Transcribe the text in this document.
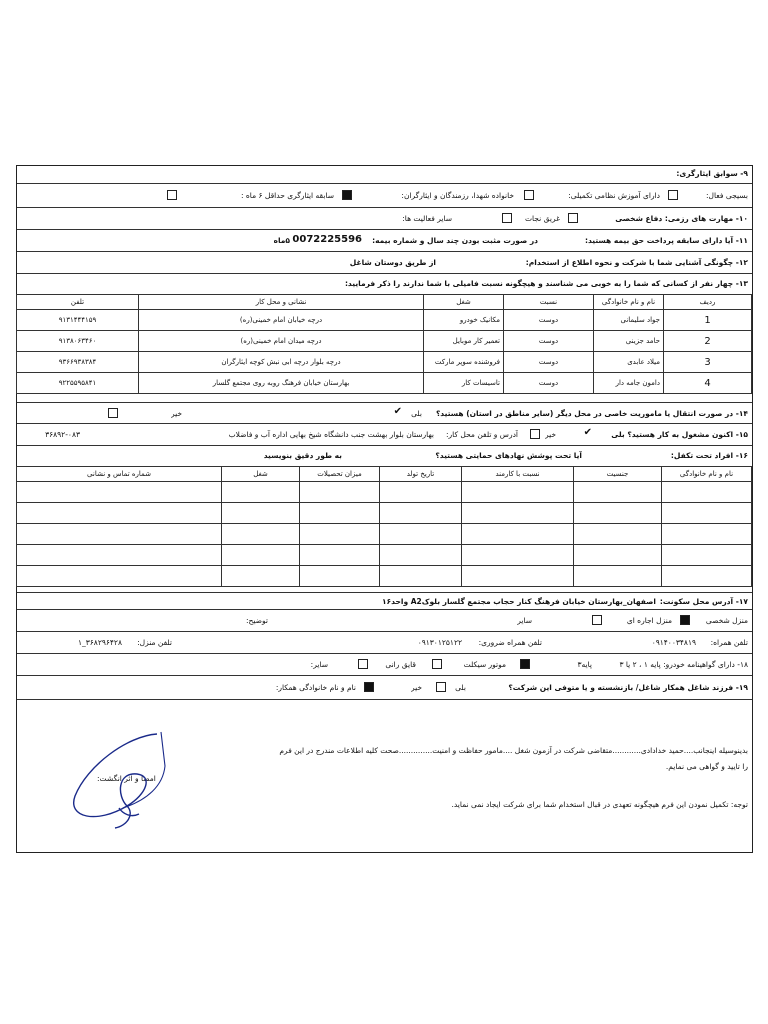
۹- سوابق ایثارگری:
بسیجی فعال:
دارای آموزش نظامی تکمیلی:
خانواده شهدا، رزمندگان و ایثارگران:
سابقه ایثارگری حداقل ۶ ماه :
۱۰- مهارت های رزمی: دفاع شخصی
غریق نجات
سایر فعالیت ها:
۱۱- آیا دارای سابقه پرداخت حق بیمه هستید:
در صورت مثبت بودن چند سال و شماره بیمه:
0072225596
۵ماه
۱۲- چگونگی آشنایی شما با شرکت و نحوه اطلاع از استخدام:
از طریق دوستان شاغل
۱۳- چهار نفر از کسانی که شما را به خوبی می شناسند و هیچگونه نسبت فامیلی با شما ندارند را ذکر فرمایید:
ردیف	نام و نام خانوادگی	نسبت	شغل	نشانی و محل کار	تلفن
1	جواد سلیمانی	دوست	مکانیک خودرو	درچه خیابان امام خمینی(ره)	۹۱۳۱۴۴۴۱۵۹
2	حامد جزینی	دوست	تعمیر کار موبایل	درچه میدان امام خمینی(ره)	۹۱۳۸۰۶۳۴۶۰
3	میلاد عابدی	دوست	فروشنده سوپر مارکت	درچه بلوار درچه ابی نبش کوچه ایثارگران	۹۳۶۶۹۳۸۳۸۴
4	دامون جامه دار	دوست	تاسیسات کار	بهارستان خیابان فرهنگ روبه روی مجتمع گلسار	۹۲۲۵۵۹۵۸۴۱
۱۴- در صورت انتقال یا ماموریت خاصی در محل دیگر (سایر مناطق در استان) هستید؟
بلی
✔
خیر
۱۵- اکنون مشغول به کار هستید؟ بلی
✔
خیر
آدرس و تلفن محل کار:
بهارستان بلوار بهشت جنب دانشگاه شیخ بهایی اداره آب و فاضلاب
۳۶۸۹۲-۰۸۳
۱۶- افراد تحت تکفل:
آیا تحت پوشش نهادهای حمایتی هستید؟
به طور دقیق بنویسید
نام و نام خانوادگی	جنسیت	نسبت با کارمند	تاریخ تولد	میزان تحصیلات	شغل	شماره تماس و نشانی

۱۷- آدرس محل سکونت:
اصفهان_بهارستان خیابان فرهنگ کنار حجاب مجتمع گلسار بلوکA2 واحد۱۶
منزل شخصی
منزل اجاره ای
سایر
توضیح:
تلفن همراه:
۰۹۱۴۰۰۳۴۸۱۹
تلفن همراه ضروری:
۰۹۱۳۰۱۲۵۱۲۲
تلفن منزل:
۳۶۸۲۹۶۴۲۸_۱
۱۸- دارای گواهینامه خودرو: پایه ۱ ، ۲ یا ۳
پایه۳
موتور سیکلت
قایق رانی
سایر:
۱۹- فرزند شاغل همکار شاغل/ بازنشسته و یا متوفی این شرکت؟
بلی
خیر
نام و نام خانوادگی همکار:
بدینوسیله اینجانب....حمید خدادادی............متقاضی شرکت در آزمون شغل ....مامور حفاظت و امنیت..............صحت کلیه اطلاعات مندرج در این فرم
را تایید و گواهی می نمایم.
امضا و اثر انگشت:
توجه: تکمیل نمودن این فرم هیچگونه تعهدی در قبال استخدام شما برای شرکت ایجاد نمی نماید.
